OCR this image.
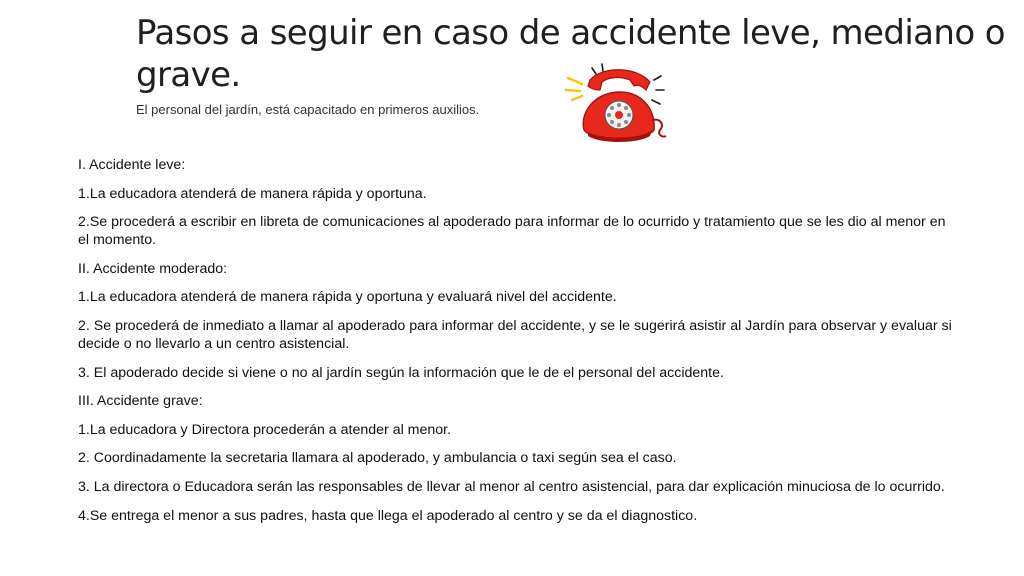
Pasos a seguir en caso de accidente leve, mediano o grave.

El personal del jardín, está capacitado en primeros auxilios.

I. Accidente leve:

1.La educadora atenderá de manera rápida y oportuna.

2.Se procederá a escribir en libreta de comunicaciones al apoderado para informar de lo ocurrido y tratamiento que se les dio al menor en el momento.

II. Accidente moderado:

1.La educadora atenderá de manera rápida y oportuna y evaluará nivel del accidente.

2. Se procederá de inmediato a llamar al apoderado para informar del accidente, y se le sugerirá asistir al Jardín para observar y evaluar si decide o no llevarlo a un centro asistencial.

3. El apoderado decide si viene o no al jardín según la información que le de el personal del accidente.

III. Accidente grave:

1.La educadora y Directora procederán a atender al menor.

2. Coordinadamente la secretaria llamara al apoderado, y ambulancia o taxi según sea el caso.

3. La directora o Educadora serán las responsables de llevar al menor al centro asistencial, para dar explicación minuciosa de lo ocurrido.

4.Se entrega el menor a sus padres, hasta que llega el apoderado al centro y se da el diagnostico.
